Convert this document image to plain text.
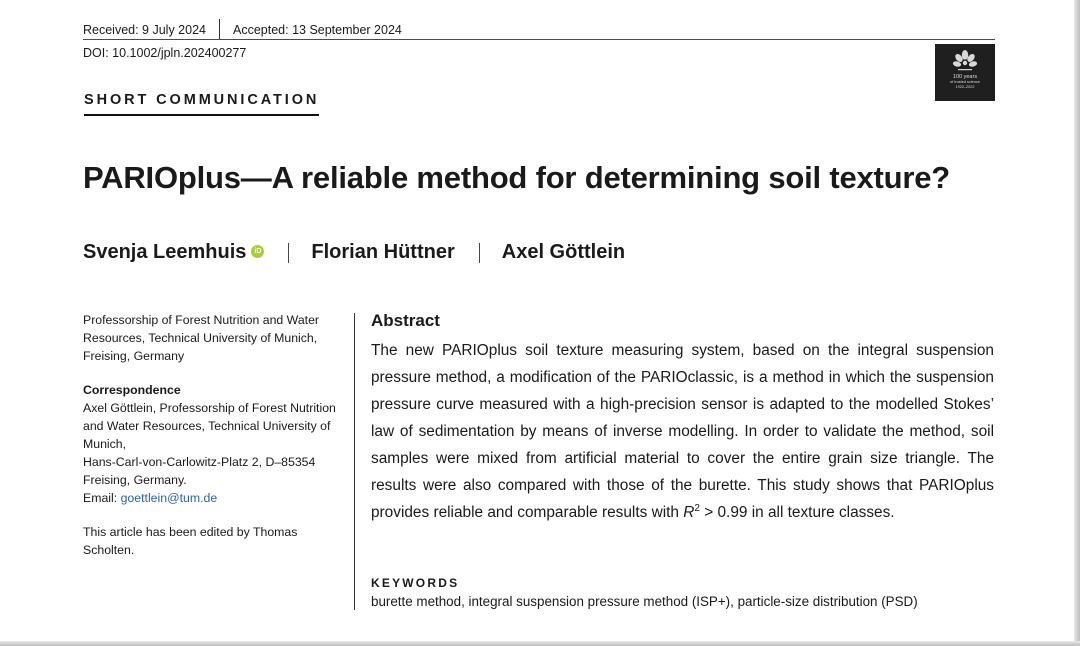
Received: 9 July 2024 Accepted: 13 September 2024
DOI: 10.1002/jpln.202400277
100 years
of trusted science
1922–2022
SHORT COMMUNICATION
PARIOplus—A reliable method for determining soil texture?
Svenja Leemhuis	iD	Florian Hüttner Axel Göttlein

Professorship of Forest Nutrition and Water Resources, Technical University of Munich, Freising, Germany

Correspondence

Axel Göttlein, Professorship of Forest Nutrition and Water Resources, Technical University of Munich,

Hans-Carl-von-Carlowitz-Platz 2, D–85354 Freising, Germany.

Email: goettlein@tum.de

This article has been edited by Thomas Scholten.

Abstract

The new PARIOplus soil texture measuring system, based on the integral suspension pressure method, a modification of the PARIOclassic, is a method in which the suspension pressure curve measured with a high-precision sensor is adapted to the modelled Stokes’ law of sedimentation by means of inverse modelling. In order to validate the method, soil samples were mixed from artificial material to cover the entire grain size triangle. The results were also compared with those of the burette. This study shows that PARIOplus provides reliable and comparable results with $R^2 > 0.99$ in all texture classes.

KEYWORDS
burette method, integral suspension pressure method (ISP+), particle-size distribution (PSD)
